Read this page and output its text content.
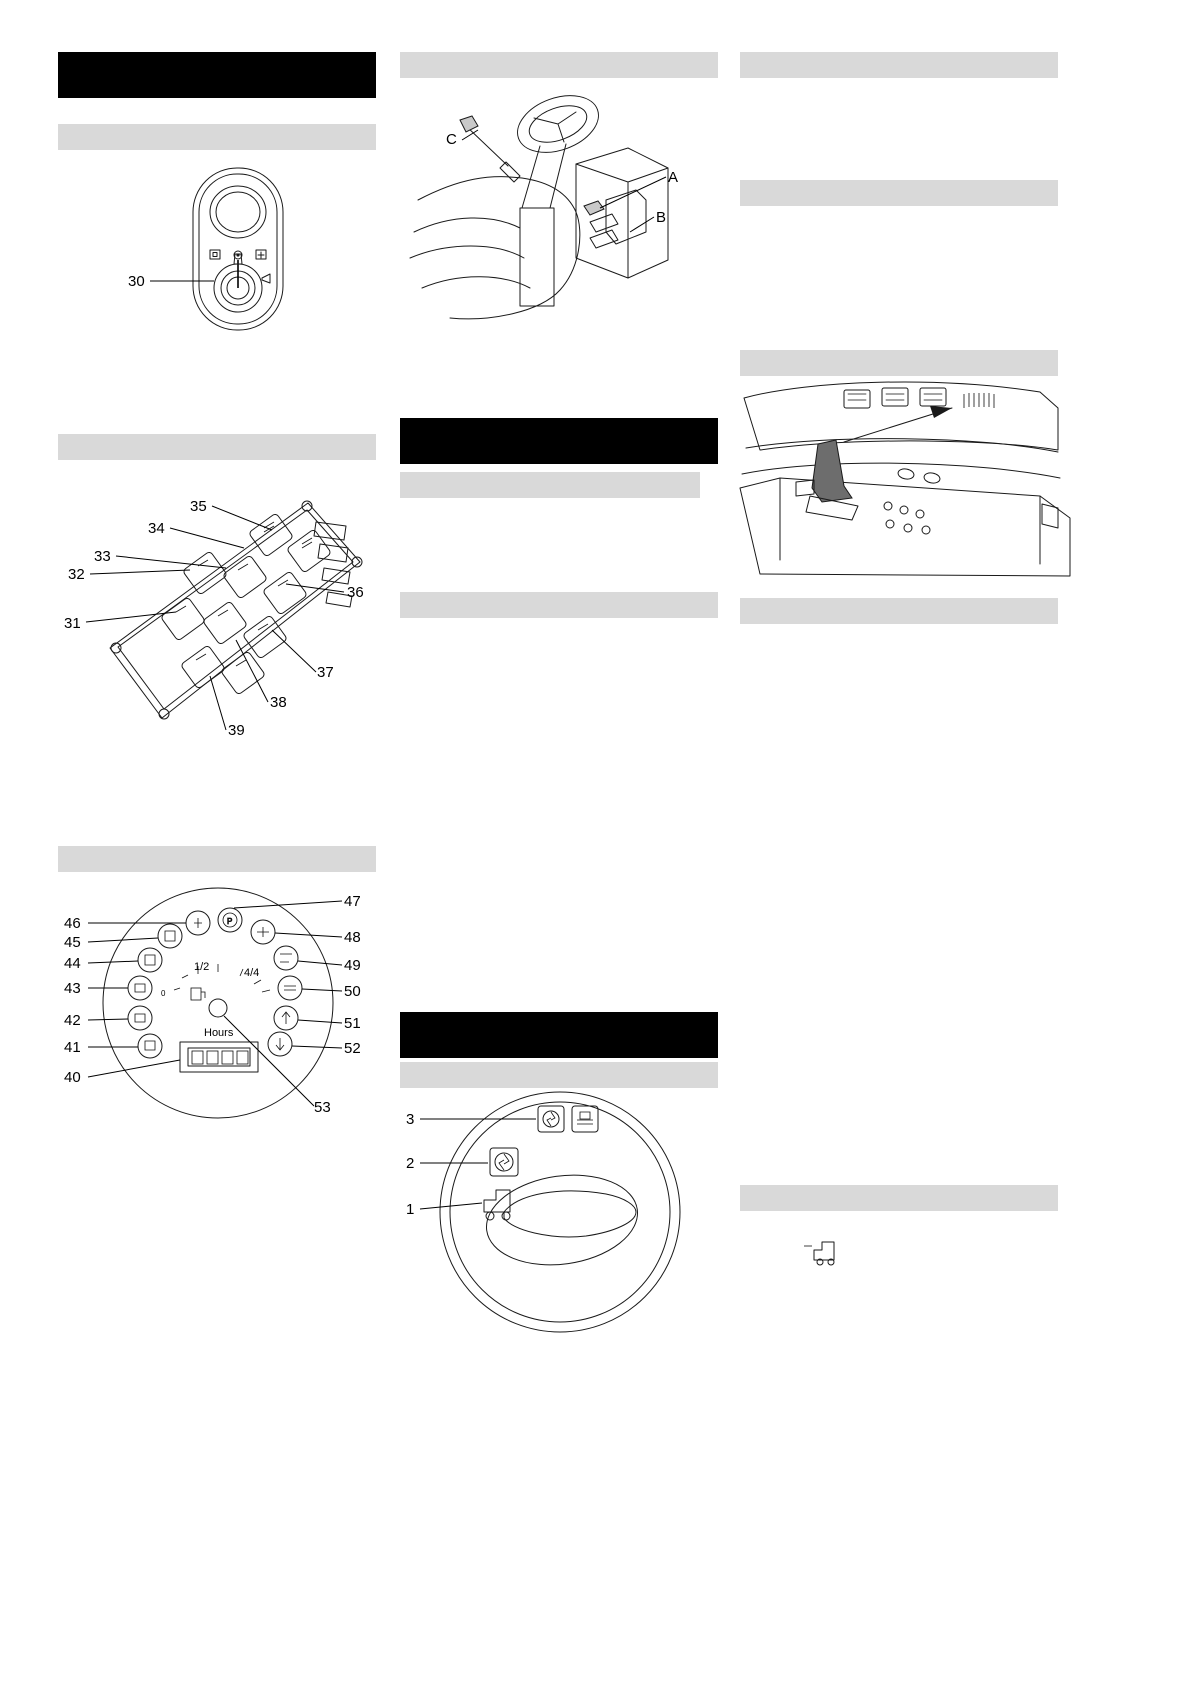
30
31
32
33
34
35
36
37
38
39
P
0
1/2	4/4
Hours
46
45
44
43
42
41
40
47
48
49
50
51
52
53
C
A
B
3
2
1
